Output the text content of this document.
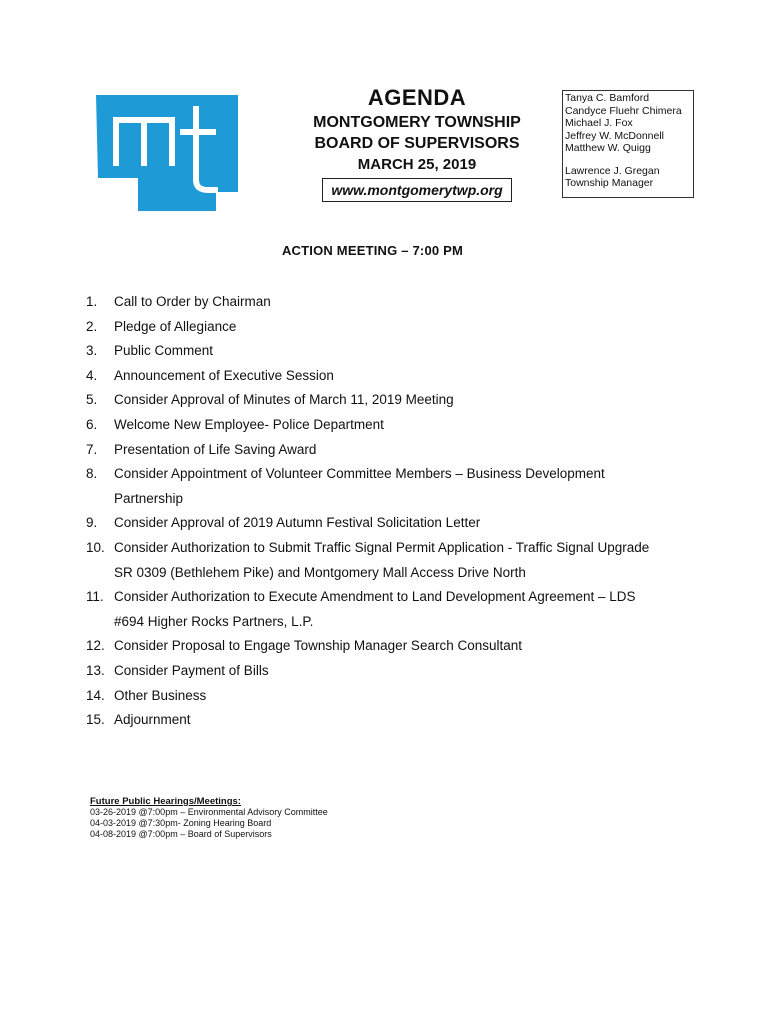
AGENDA

MONTGOMERY TOWNSHIP

BOARD OF SUPERVISORS

MARCH 25, 2019

www.montgomerytwp.org
Tanya C. Bamford
Candyce Fluehr Chimera
Michael J. Fox
Jeffrey W. McDonnell
Matthew W. Quigg
Lawrence J. Gregan
Township Manager
ACTION MEETING – 7:00 PM
1.	Call to Order by Chairman
2.	Pledge of Allegiance
3.	Public Comment
4.	Announcement of Executive Session
5.	Consider Approval of Minutes of March 11, 2019 Meeting
6.	Welcome New Employee- Police Department
7.	Presentation of Life Saving Award
8.	Consider Appointment of Volunteer Committee Members – Business Development
Partnership
9.	Consider Approval of 2019 Autumn Festival Solicitation Letter
10. Consider Authorization to Submit Traffic Signal Permit Application - Traffic Signal Upgrade
SR 0309 (Bethlehem Pike) and Montgomery Mall Access Drive North
11. Consider Authorization to Execute Amendment to Land Development Agreement – LDS
#694 Higher Rocks Partners, L.P.
12. Consider Proposal to Engage Township Manager Search Consultant
13. Consider Payment of Bills
14. Other Business
15. Adjournment
Future Public Hearings/Meetings:
03-26-2019 @7:00pm – Environmental Advisory Committee
04-03-2019 @7:30pm- Zoning Hearing Board
04-08-2019 @7:00pm – Board of Supervisors
